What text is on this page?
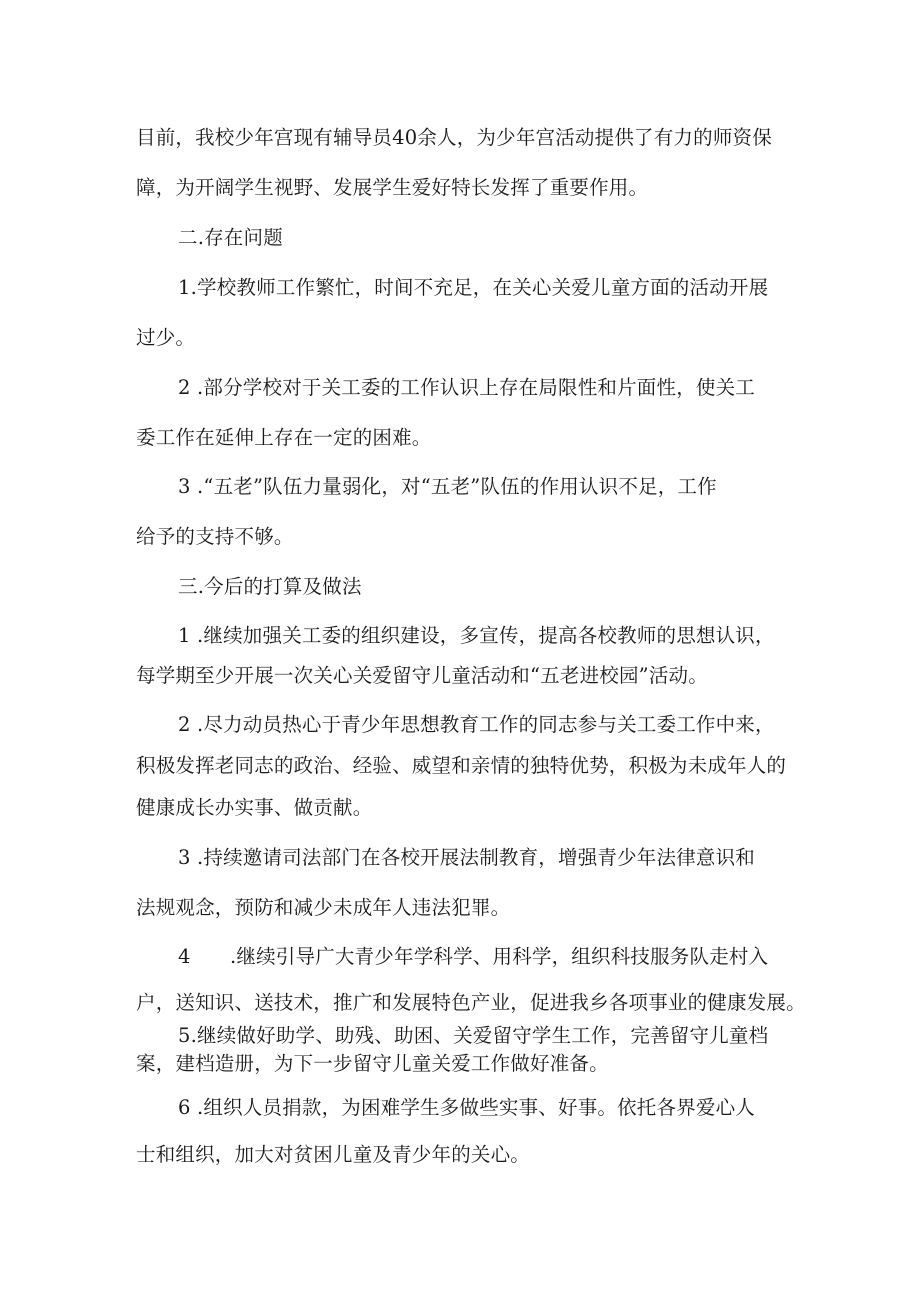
目前，我校少年宫现有辅导员40余人，为少年宫活动提供了有力的师资保
障，为开阔学生视野、发展学生爱好特长发挥了重要作用。
二.存在问题
1.学校教师工作繁忙，时间不充足，在关心关爱儿童方面的活动开展
过少。
2 .部分学校对于关工委的工作认识上存在局限性和片面性，使关工
委工作在延伸上存在一定的困难。
3 .“五老”队伍力量弱化，对“五老”队伍的作用认识不足，工作
给予的支持不够。
三.今后的打算及做法
1 .继续加强关工委的组织建设，多宣传，提高各校教师的思想认识，
每学期至少开展一次关心关爱留守儿童活动和“五老进校园”活动。
2 .尽力动员热心于青少年思想教育工作的同志参与关工委工作中来，
积极发挥老同志的政治、经验、威望和亲情的独特优势，积极为未成年人的
健康成长办实事、做贡献。
3 .持续邀请司法部门在各校开展法制教育，增强青少年法律意识和
法规观念，预防和减少未成年人违法犯罪。
4　　.继续引导广大青少年学科学、用科学，组织科技服务队走村入
户，送知识、送技术，推广和发展特色产业，促进我乡各项事业的健康发展。
5.继续做好助学、助残、助困、关爱留守学生工作，完善留守儿童档
案，建档造册，为下一步留守儿童关爱工作做好准备。
6 .组织人员捐款，为困难学生多做些实事、好事。依托各界爱心人
士和组织，加大对贫困儿童及青少年的关心。
